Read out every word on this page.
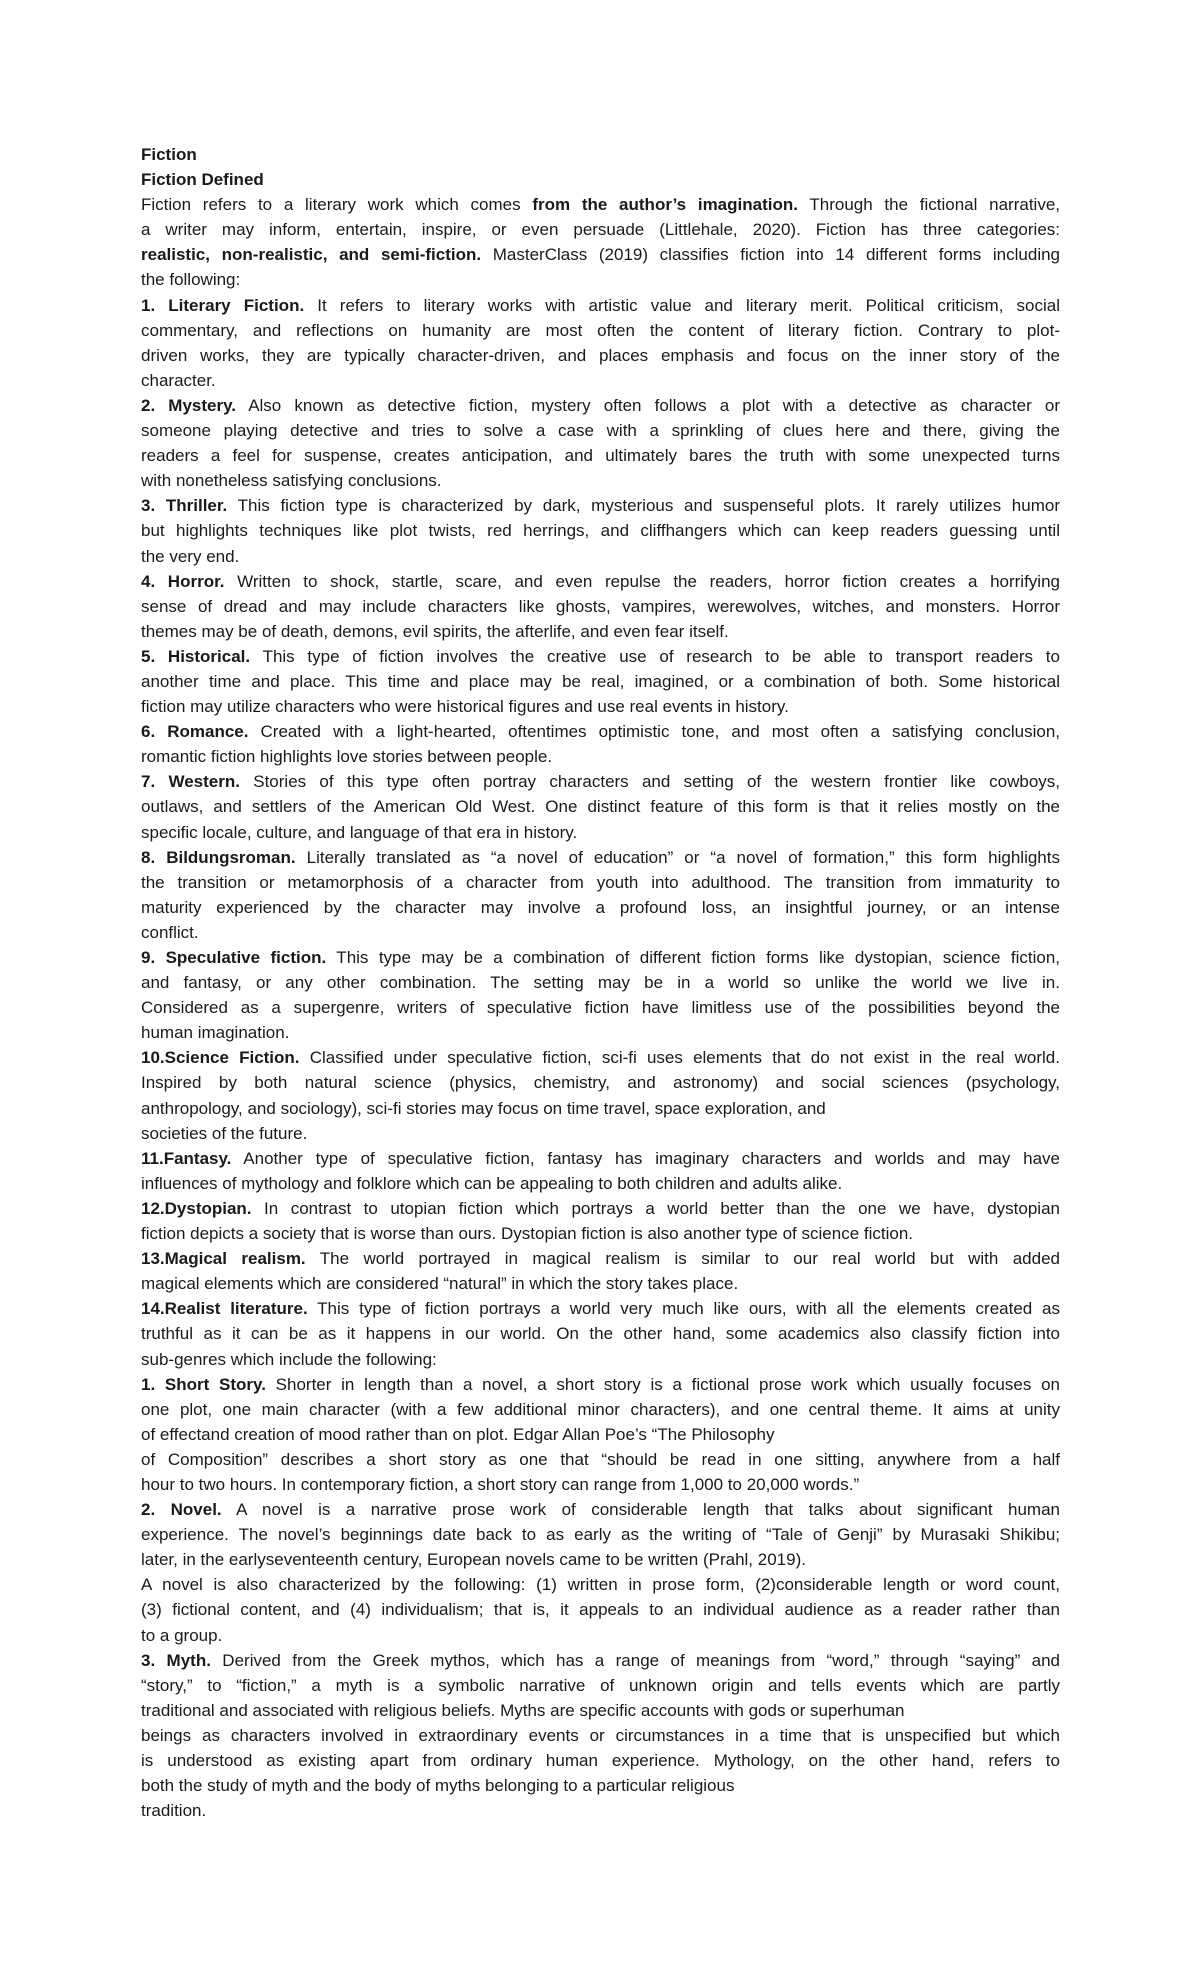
Fiction
Fiction Defined
Fiction refers to a literary work which comes from the author’s imagination. Through the fictional narrative,
a writer may inform, entertain, inspire, or even persuade (Littlehale, 2020). Fiction has three categories:
realistic, non-realistic, and semi-fiction. MasterClass (2019) classifies fiction into 14 different forms including
the following:
1. Literary Fiction. It refers to literary works with artistic value and literary merit. Political criticism, social
commentary, and reflections on humanity are most often the content of literary fiction. Contrary to plot-
driven works, they are typically character-driven, and places emphasis and focus on the inner story of the
character.
2. Mystery. Also known as detective fiction, mystery often follows a plot with a detective as character or
someone playing detective and tries to solve a case with a sprinkling of clues here and there, giving the
readers a feel for suspense, creates anticipation, and ultimately bares the truth with some unexpected turns
with nonetheless satisfying conclusions.
3. Thriller. This fiction type is characterized by dark, mysterious and suspenseful plots. It rarely utilizes humor
but highlights techniques like plot twists, red herrings, and cliffhangers which can keep readers guessing until
the very end.
4. Horror. Written to shock, startle, scare, and even repulse the readers, horror fiction creates a horrifying
sense of dread and may include characters like ghosts, vampires, werewolves, witches, and monsters. Horror
themes may be of death, demons, evil spirits, the afterlife, and even fear itself.
5. Historical. This type of fiction involves the creative use of research to be able to transport readers to
another time and place. This time and place may be real, imagined, or a combination of both. Some historical
fiction may utilize characters who were historical figures and use real events in history.
6. Romance. Created with a light-hearted, oftentimes optimistic tone, and most often a satisfying conclusion,
romantic fiction highlights love stories between people.
7. Western. Stories of this type often portray characters and setting of the western frontier like cowboys,
outlaws, and settlers of the American Old West. One distinct feature of this form is that it relies mostly on the
specific locale, culture, and language of that era in history.
8. Bildungsroman. Literally translated as “a novel of education” or “a novel of formation,” this form highlights
the transition or metamorphosis of a character from youth into adulthood. The transition from immaturity to
maturity experienced by the character may involve a profound loss, an insightful journey, or an intense
conflict.
9. Speculative fiction. This type may be a combination of different fiction forms like dystopian, science fiction,
and fantasy, or any other combination. The setting may be in a world so unlike the world we live in.
Considered as a supergenre, writers of speculative fiction have limitless use of the possibilities beyond the
human imagination.
10.Science Fiction. Classified under speculative fiction, sci-fi uses elements that do not exist in the real world.
Inspired by both natural science (physics, chemistry, and astronomy) and social sciences (psychology,
anthropology, and sociology), sci-fi stories may focus on time travel, space exploration, and
societies of the future.
11.Fantasy. Another type of speculative fiction, fantasy has imaginary characters and worlds and may have
influences of mythology and folklore which can be appealing to both children and adults alike.
12.Dystopian. In contrast to utopian fiction which portrays a world better than the one we have, dystopian
fiction depicts a society that is worse than ours. Dystopian fiction is also another type of science fiction.
13.Magical realism. The world portrayed in magical realism is similar to our real world but with added
magical elements which are considered “natural” in which the story takes place.
14.Realist literature. This type of fiction portrays a world very much like ours, with all the elements created as
truthful as it can be as it happens in our world. On the other hand, some academics also classify fiction into
sub-genres which include the following:
1. Short Story. Shorter in length than a novel, a short story is a fictional prose work which usually focuses on
one plot, one main character (with a few additional minor characters), and one central theme. It aims at unity
of effectand creation of mood rather than on plot. Edgar Allan Poe’s “The Philosophy
of Composition” describes a short story as one that “should be read in one sitting, anywhere from a half
hour to two hours. In contemporary fiction, a short story can range from 1,000 to 20,000 words.”
2. Novel. A novel is a narrative prose work of considerable length that talks about significant human
experience. The novel’s beginnings date back to as early as the writing of “Tale of Genji” by Murasaki Shikibu;
later, in the earlyseventeenth century, European novels came to be written (Prahl, 2019).
A novel is also characterized by the following: (1) written in prose form, (2)considerable length or word count,
(3) fictional content, and (4) individualism; that is, it appeals to an individual audience as a reader rather than
to a group.
3. Myth. Derived from the Greek mythos, which has a range of meanings from “word,” through “saying” and
“story,” to “fiction,” a myth is a symbolic narrative of unknown origin and tells events which are partly
traditional and associated with religious beliefs. Myths are specific accounts with gods or superhuman
beings as characters involved in extraordinary events or circumstances in a time that is unspecified but which
is understood as existing apart from ordinary human experience. Mythology, on the other hand, refers to
both the study of myth and the body of myths belonging to a particular religious
tradition.
